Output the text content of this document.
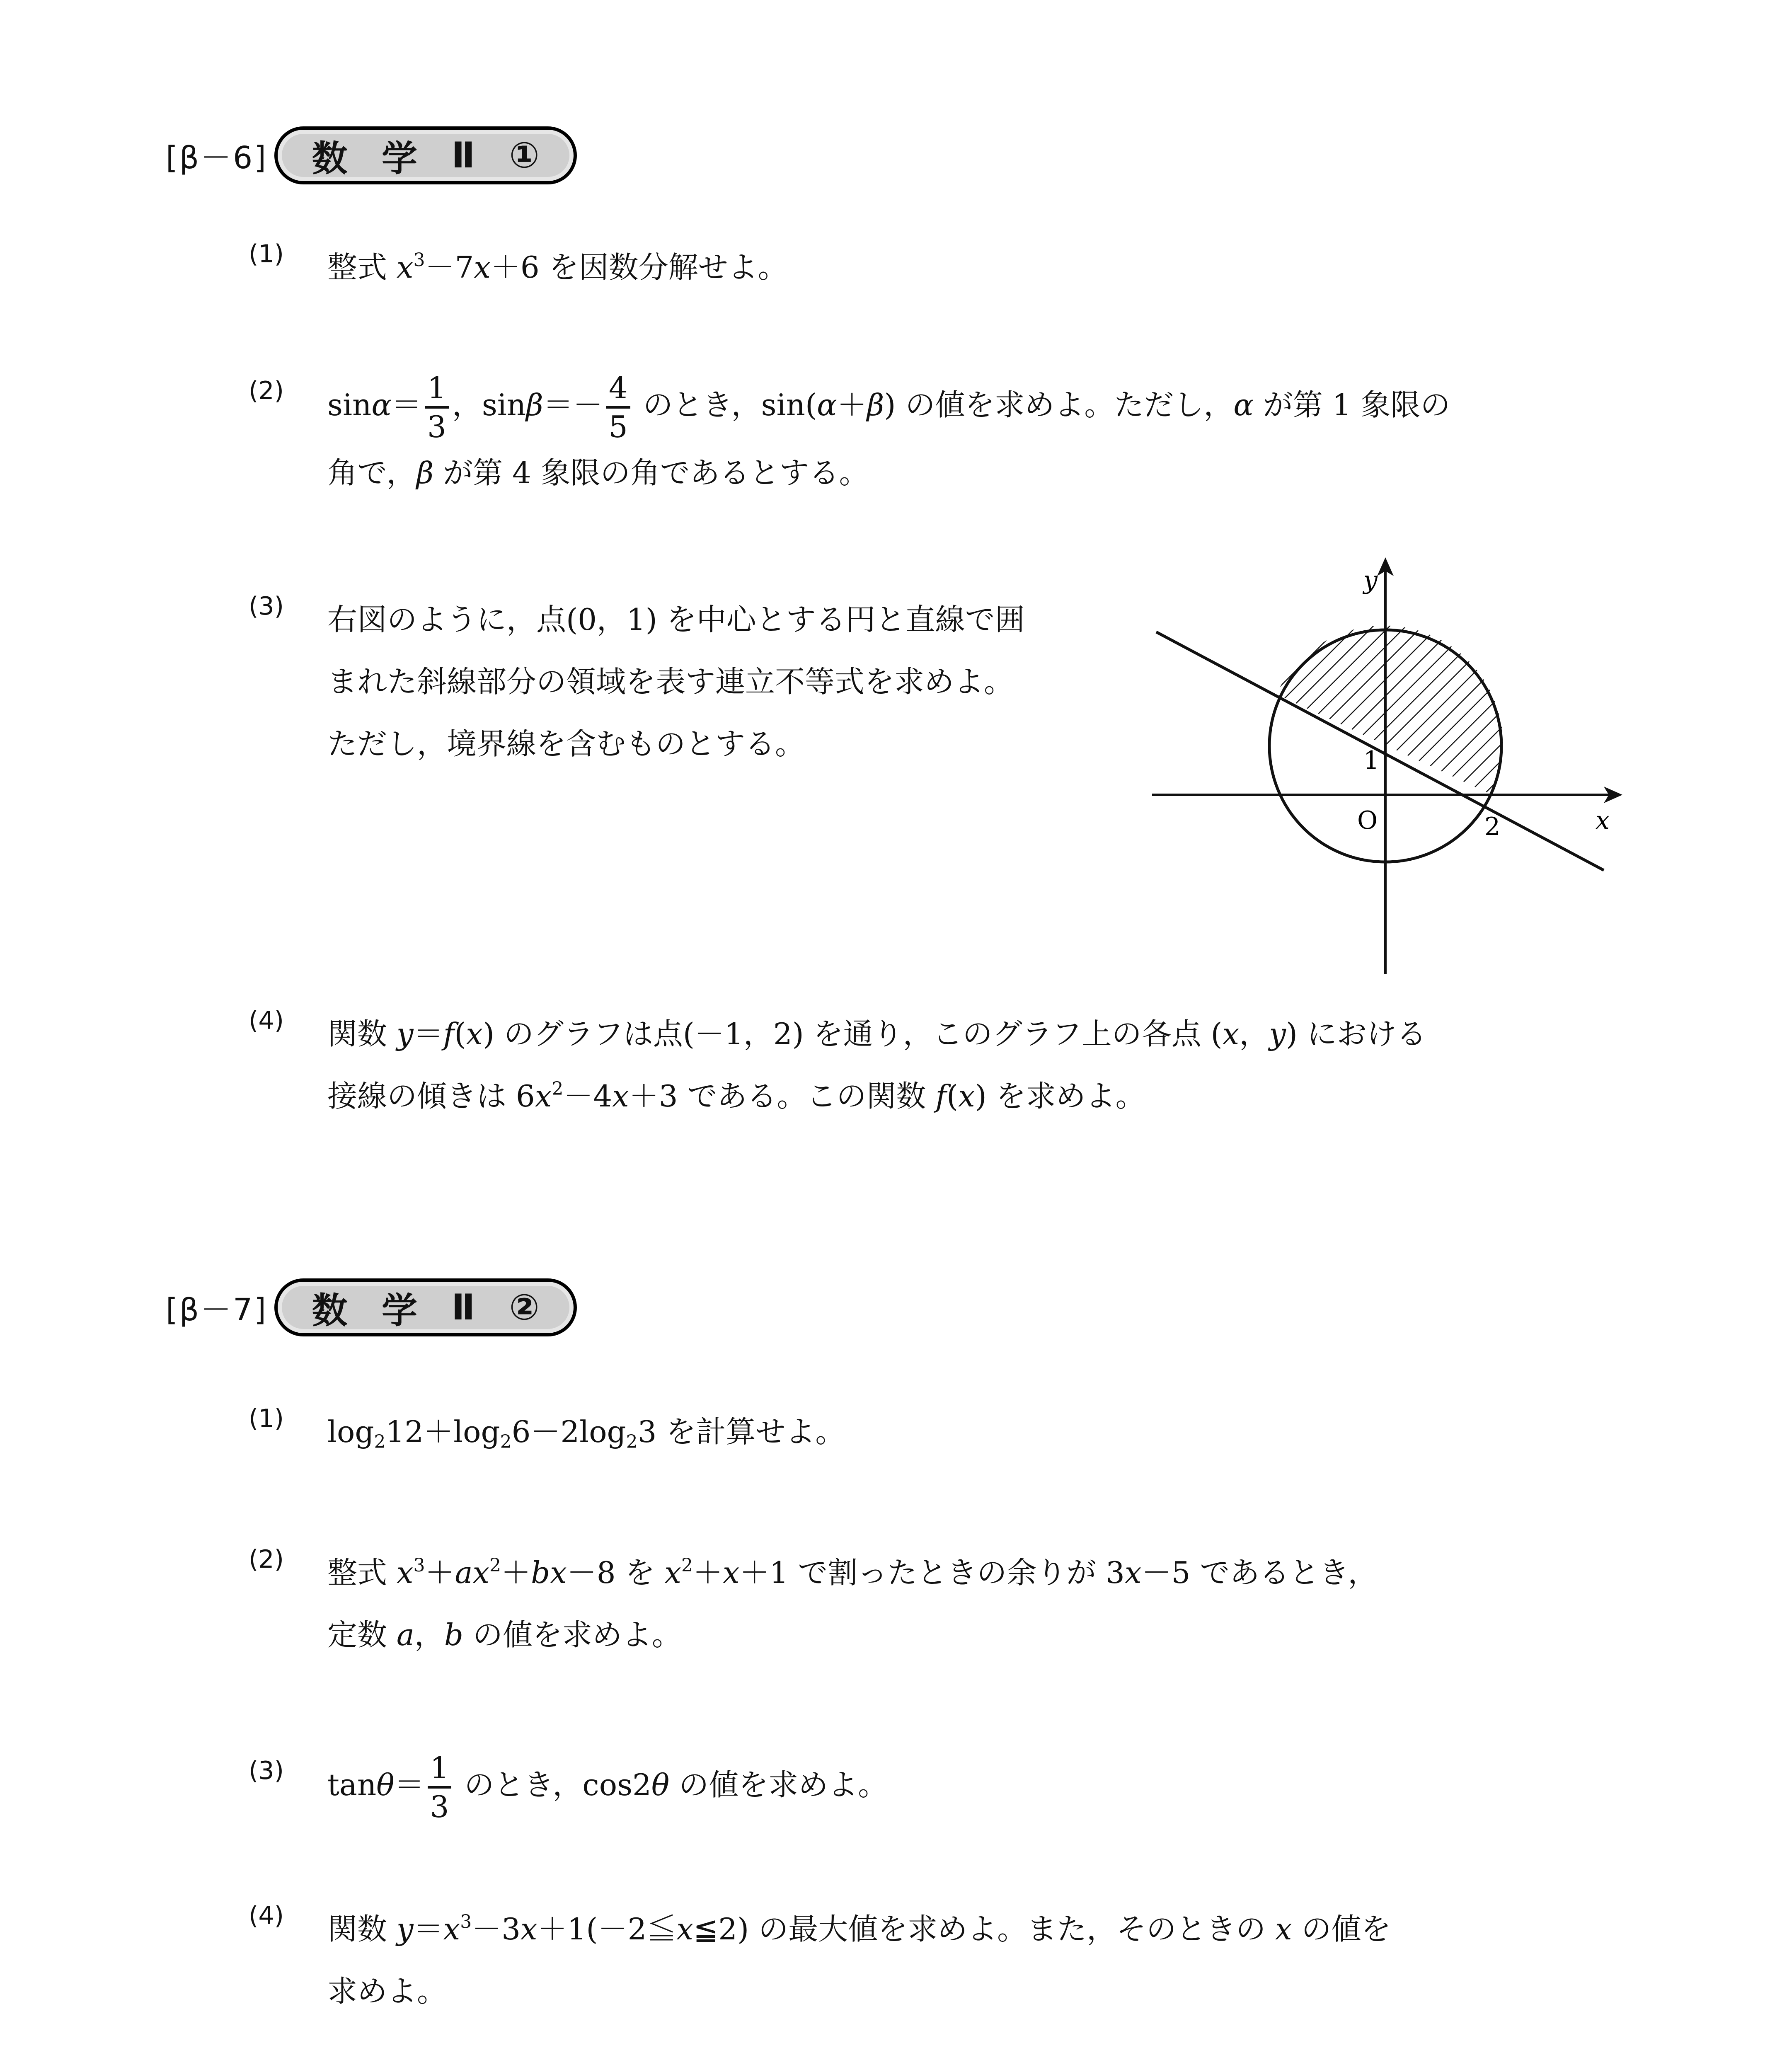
[β－6] 数 学 Ⅱ ①
(1)	整式 $x^3-7x+6$ を因数分解せよ。
(2)	$\sin\alpha= \frac{1}{3}$ ，$\sin\beta=- \frac{4}{5}$ のとき，sin(α＋β) の値を求めよ。ただし，α が第 1 象限の
角で，β が第 4 象限の角であるとする。
(3)	右図のように，点(0，1) を中心とする円と直線で囲
まれた斜線部分の領域を表す連立不等式を求めよ。
ただし，境界線を含むものとする。
(4)	関数 y＝f(x) のグラフは点(－1，2) を通り，このグラフ上の各点 (x，y) における
接線の傾きは $6x^2-4x+3$ である。この関数 f(x) を求めよ。
y
x
O
1
2
[β－7] 数 学 Ⅱ ②
(1)	$\log_212+\log_26-2\log_23$ を計算せよ。
(2)	整式 $x^3+ax^2+bx-8$ を $x^2+x+1$ で割ったときの余りが 3x－5 であるとき，
定数 a，b の値を求めよ。
(3)	$\tan\theta= \frac{1}{3}$ のとき，cos2θ の値を求めよ。
(4)	関数 $y=x^3-3x+1(-2≦x≦2)$ の最大値を求めよ。また，そのときの x の値を
求めよ。
